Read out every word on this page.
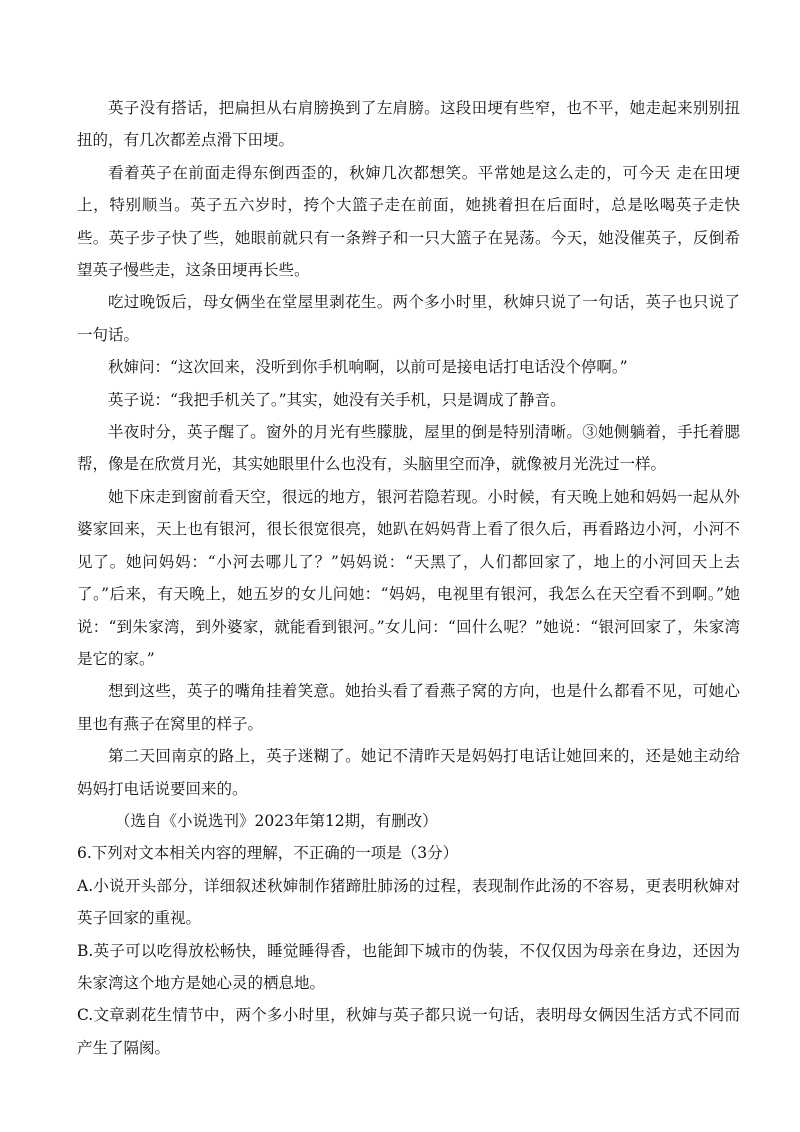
英子没有搭话，把扁担从右肩膀换到了左肩膀。这段田埂有些窄，也不平，她走起来别别扭扭的，有几次都差点滑下田埂。

看着英子在前面走得东倒西歪的，秋婶几次都想笑。平常她是这么走的，可今天 走在田埂上，特别顺当。英子五六岁时，挎个大篮子走在前面，她挑着担在后面时，总是吆喝英子走快些。英子步子快了些，她眼前就只有一条辫子和一只大篮子在晃荡。今天，她没催英子，反倒希望英子慢些走，这条田埂再长些。

吃过晚饭后，母女俩坐在堂屋里剥花生。两个多小时里，秋婶只说了一句话，英子也只说了一句话。

秋婶问：“这次回来，没听到你手机响啊，以前可是接电话打电话没个停啊。”

英子说：“我把手机关了。”其实，她没有关手机，只是调成了静音。

半夜时分，英子醒了。窗外的月光有些朦胧，屋里的倒是特别清晰。③她侧躺着，手托着腮帮，像是在欣赏月光，其实她眼里什么也没有，头脑里空而净，就像被月光洗过一样。

她下床走到窗前看天空，很远的地方，银河若隐若现。小时候，有天晚上她和妈妈一起从外婆家回来，天上也有银河，很长很宽很亮，她趴在妈妈背上看了很久后，再看路边小河，小河不见了。她问妈妈：“小河去哪儿了？”妈妈说：“天黑了，人们都回家了，地上的小河回天上去了。”后来，有天晚上，她五岁的女儿问她：“妈妈，电视里有银河，我怎么在天空看不到啊。”她说：“到朱家湾，到外婆家，就能看到银河。”女儿问：“回什么呢？”她说：“银河回家了，朱家湾是它的家。”

想到这些，英子的嘴角挂着笑意。她抬头看了看燕子窝的方向，也是什么都看不见，可她心里也有燕子在窝里的样子。

第二天回南京的路上，英子迷糊了。她记不清昨天是妈妈打电话让她回来的，还是她主动给妈妈打电话说要回来的。

（选自《小说选刊》2023年第12期，有删改）

6.下列对文本相关内容的理解，不正确的一项是（3分）

A.小说开头部分，详细叙述秋婶制作猪蹄肚肺汤的过程，表现制作此汤的不容易，更表明秋婶对英子回家的重视。

B.英子可以吃得放松畅快，睡觉睡得香，也能卸下城市的伪装，不仅仅因为母亲在身边，还因为朱家湾这个地方是她心灵的栖息地。

C.文章剥花生情节中，两个多小时里，秋婶与英子都只说一句话，表明母女俩因生活方式不同而产生了隔阂。
